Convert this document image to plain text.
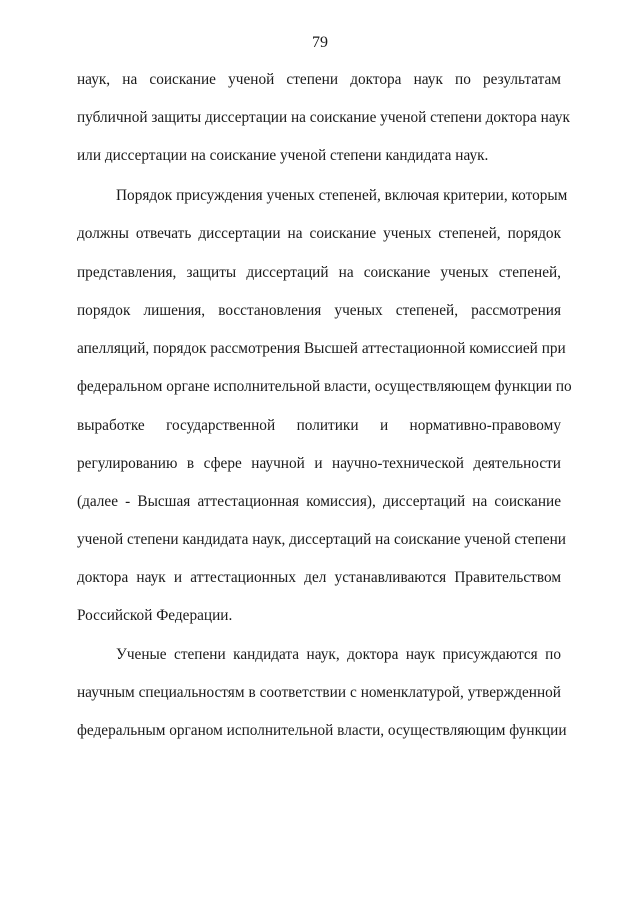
79
наук, на соискание ученой степени доктора наук по результатам
публичной защиты диссертации на соискание ученой степени доктора наук
или диссертации на соискание ученой степени кандидата наук.
Порядок присуждения ученых степеней, включая критерии, которым
должны отвечать диссертации на соискание ученых степеней, порядок
представления, защиты диссертаций на соискание ученых степеней,
порядок лишения, восстановления ученых степеней, рассмотрения
апелляций, порядок рассмотрения Высшей аттестационной комиссией при
федеральном органе исполнительной власти, осуществляющем функции по
выработке государственной политики и нормативно-правовому
регулированию в сфере научной и научно-технической деятельности
(далее - Высшая аттестационная комиссия), диссертаций на соискание
ученой степени кандидата наук, диссертаций на соискание ученой степени
доктора наук и аттестационных дел устанавливаются Правительством
Российской Федерации.
Ученые степени кандидата наук, доктора наук присуждаются по
научным специальностям в соответствии с номенклатурой, утвержденной
федеральным органом исполнительной власти, осуществляющим функции
